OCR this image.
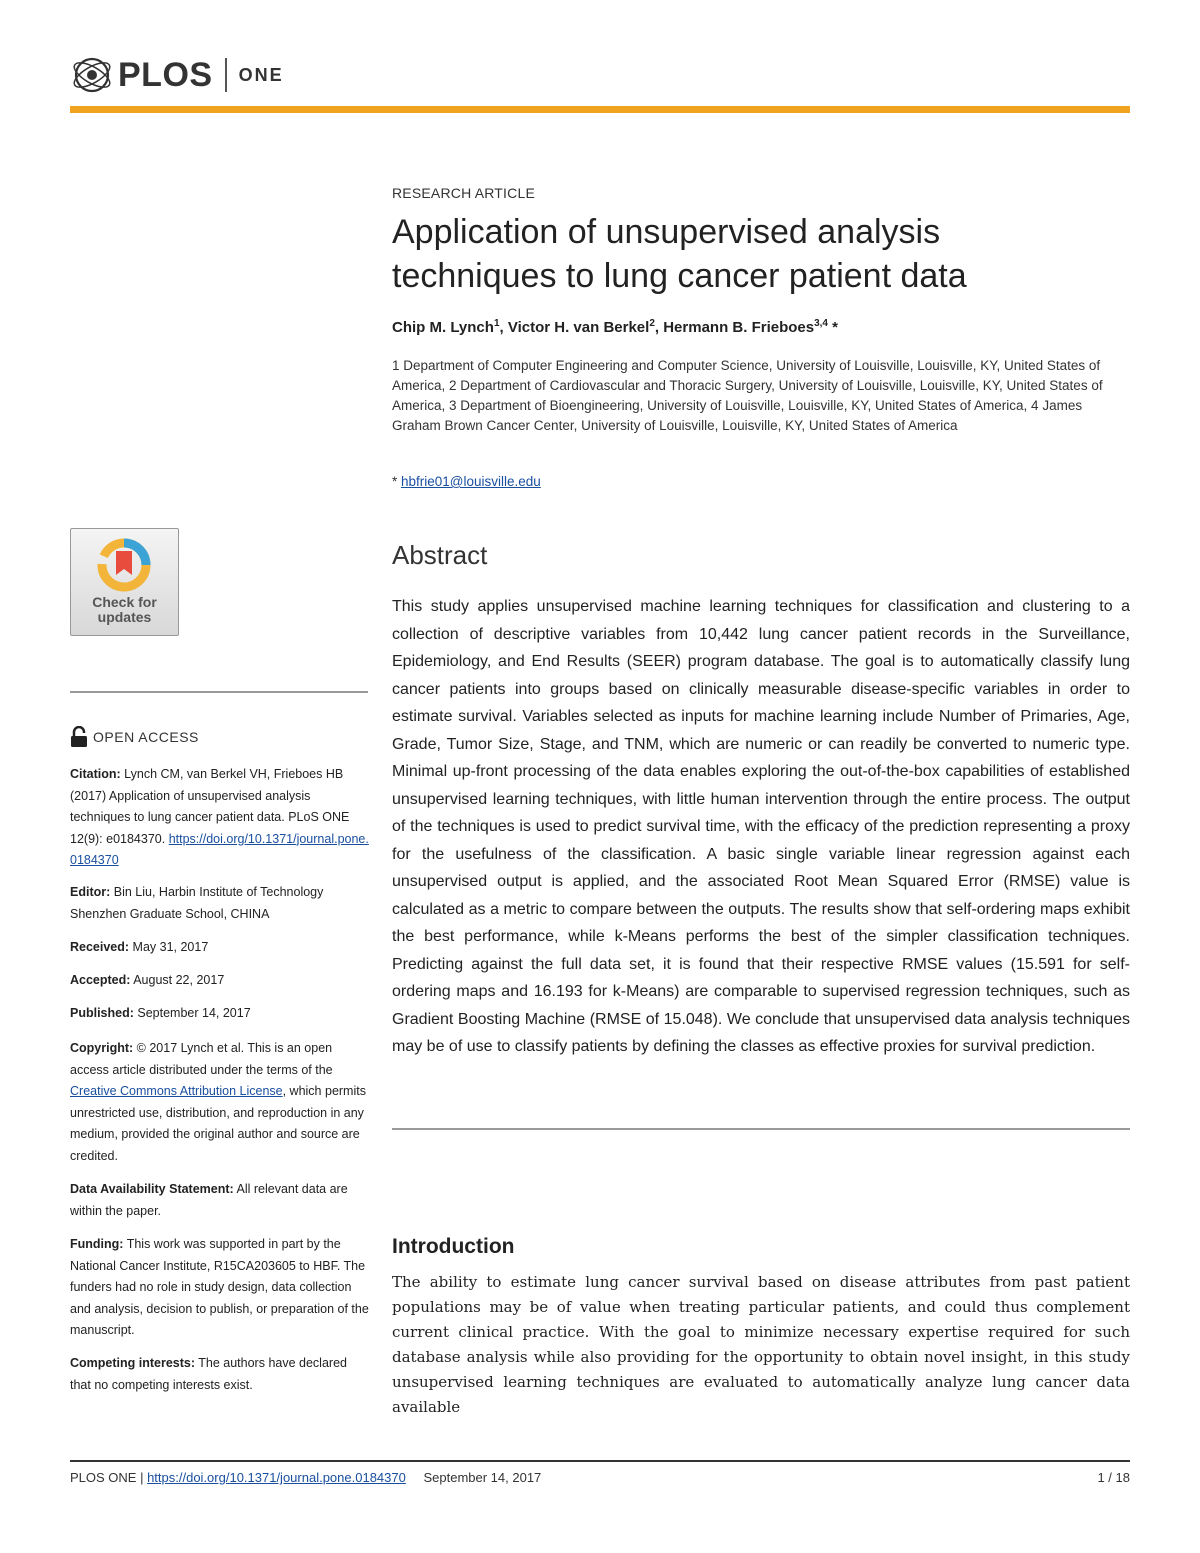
PLOS ONE
RESEARCH ARTICLE
Application of unsupervised analysis
techniques to lung cancer patient data
Chip M. Lynch$^1$, Victor H. van Berkel$^2$, Hermann B. Frieboes$^{3,4}$ *
1 Department of Computer Engineering and Computer Science, University of Louisville, Louisville, KY, United States of America, 2 Department of Cardiovascular and Thoracic Surgery, University of Louisville, Louisville, KY, United States of America, 3 Department of Bioengineering, University of Louisville, Louisville, KY, United States of America, 4 James Graham Brown Cancer Center, University of Louisville, Louisville, KY, United States of America
* hbfrie01@louisville.edu
Abstract
This study applies unsupervised machine learning techniques for classification and clustering to a collection of descriptive variables from 10,442 lung cancer patient records in the Surveillance, Epidemiology, and End Results (SEER) program database. The goal is to automatically classify lung cancer patients into groups based on clinically measurable disease-specific variables in order to estimate survival. Variables selected as inputs for machine learning include Number of Primaries, Age, Grade, Tumor Size, Stage, and TNM, which are numeric or can readily be converted to numeric type. Minimal up-front processing of the data enables exploring the out-of-the-box capabilities of established unsupervised learning techniques, with little human intervention through the entire process. The output of the techniques is used to predict survival time, with the efficacy of the prediction representing a proxy for the usefulness of the classification. A basic single variable linear regression against each unsupervised output is applied, and the associated Root Mean Squared Error (RMSE) value is calculated as a metric to compare between the outputs. The results show that self-ordering maps exhibit the best performance, while k-Means performs the best of the simpler classification techniques. Predicting against the full data set, it is found that their respective RMSE values (15.591 for self-ordering maps and 16.193 for k-Means) are comparable to supervised regression techniques, such as Gradient Boosting Machine (RMSE of 15.048). We conclude that unsupervised data analysis techniques may be of use to classify patients by defining the classes as effective proxies for survival prediction.
Introduction
The ability to estimate lung cancer survival based on disease attributes from past patient populations may be of value when treating particular patients, and could thus complement current clinical practice. With the goal to minimize necessary expertise required for such database analysis while also providing for the opportunity to obtain novel insight, in this study unsupervised learning techniques are evaluated to automatically analyze lung cancer data available
Check for
updates
OPEN ACCESS
Citation: Lynch CM, van Berkel VH, Frieboes HB (2017) Application of unsupervised analysis techniques to lung cancer patient data. PLoS ONE 12(9): e0184370. https://doi.org/10.1371/journal.pone.0184370
Editor: Bin Liu, Harbin Institute of Technology Shenzhen Graduate School, CHINA
Received: May 31, 2017
Accepted: August 22, 2017
Published: September 14, 2017
Copyright: © 2017 Lynch et al. This is an open access article distributed under the terms of the Creative Commons Attribution License, which permits unrestricted use, distribution, and reproduction in any medium, provided the original author and source are credited.
Data Availability Statement: All relevant data are within the paper.
Funding: This work was supported in part by the National Cancer Institute, R15CA203605 to HBF. The funders had no role in study design, data collection and analysis, decision to publish, or preparation of the manuscript.
Competing interests: The authors have declared that no competing interests exist.
PLOS ONE | https://doi.org/10.1371/journal.pone.0184370 September 14, 2017	1 / 18
